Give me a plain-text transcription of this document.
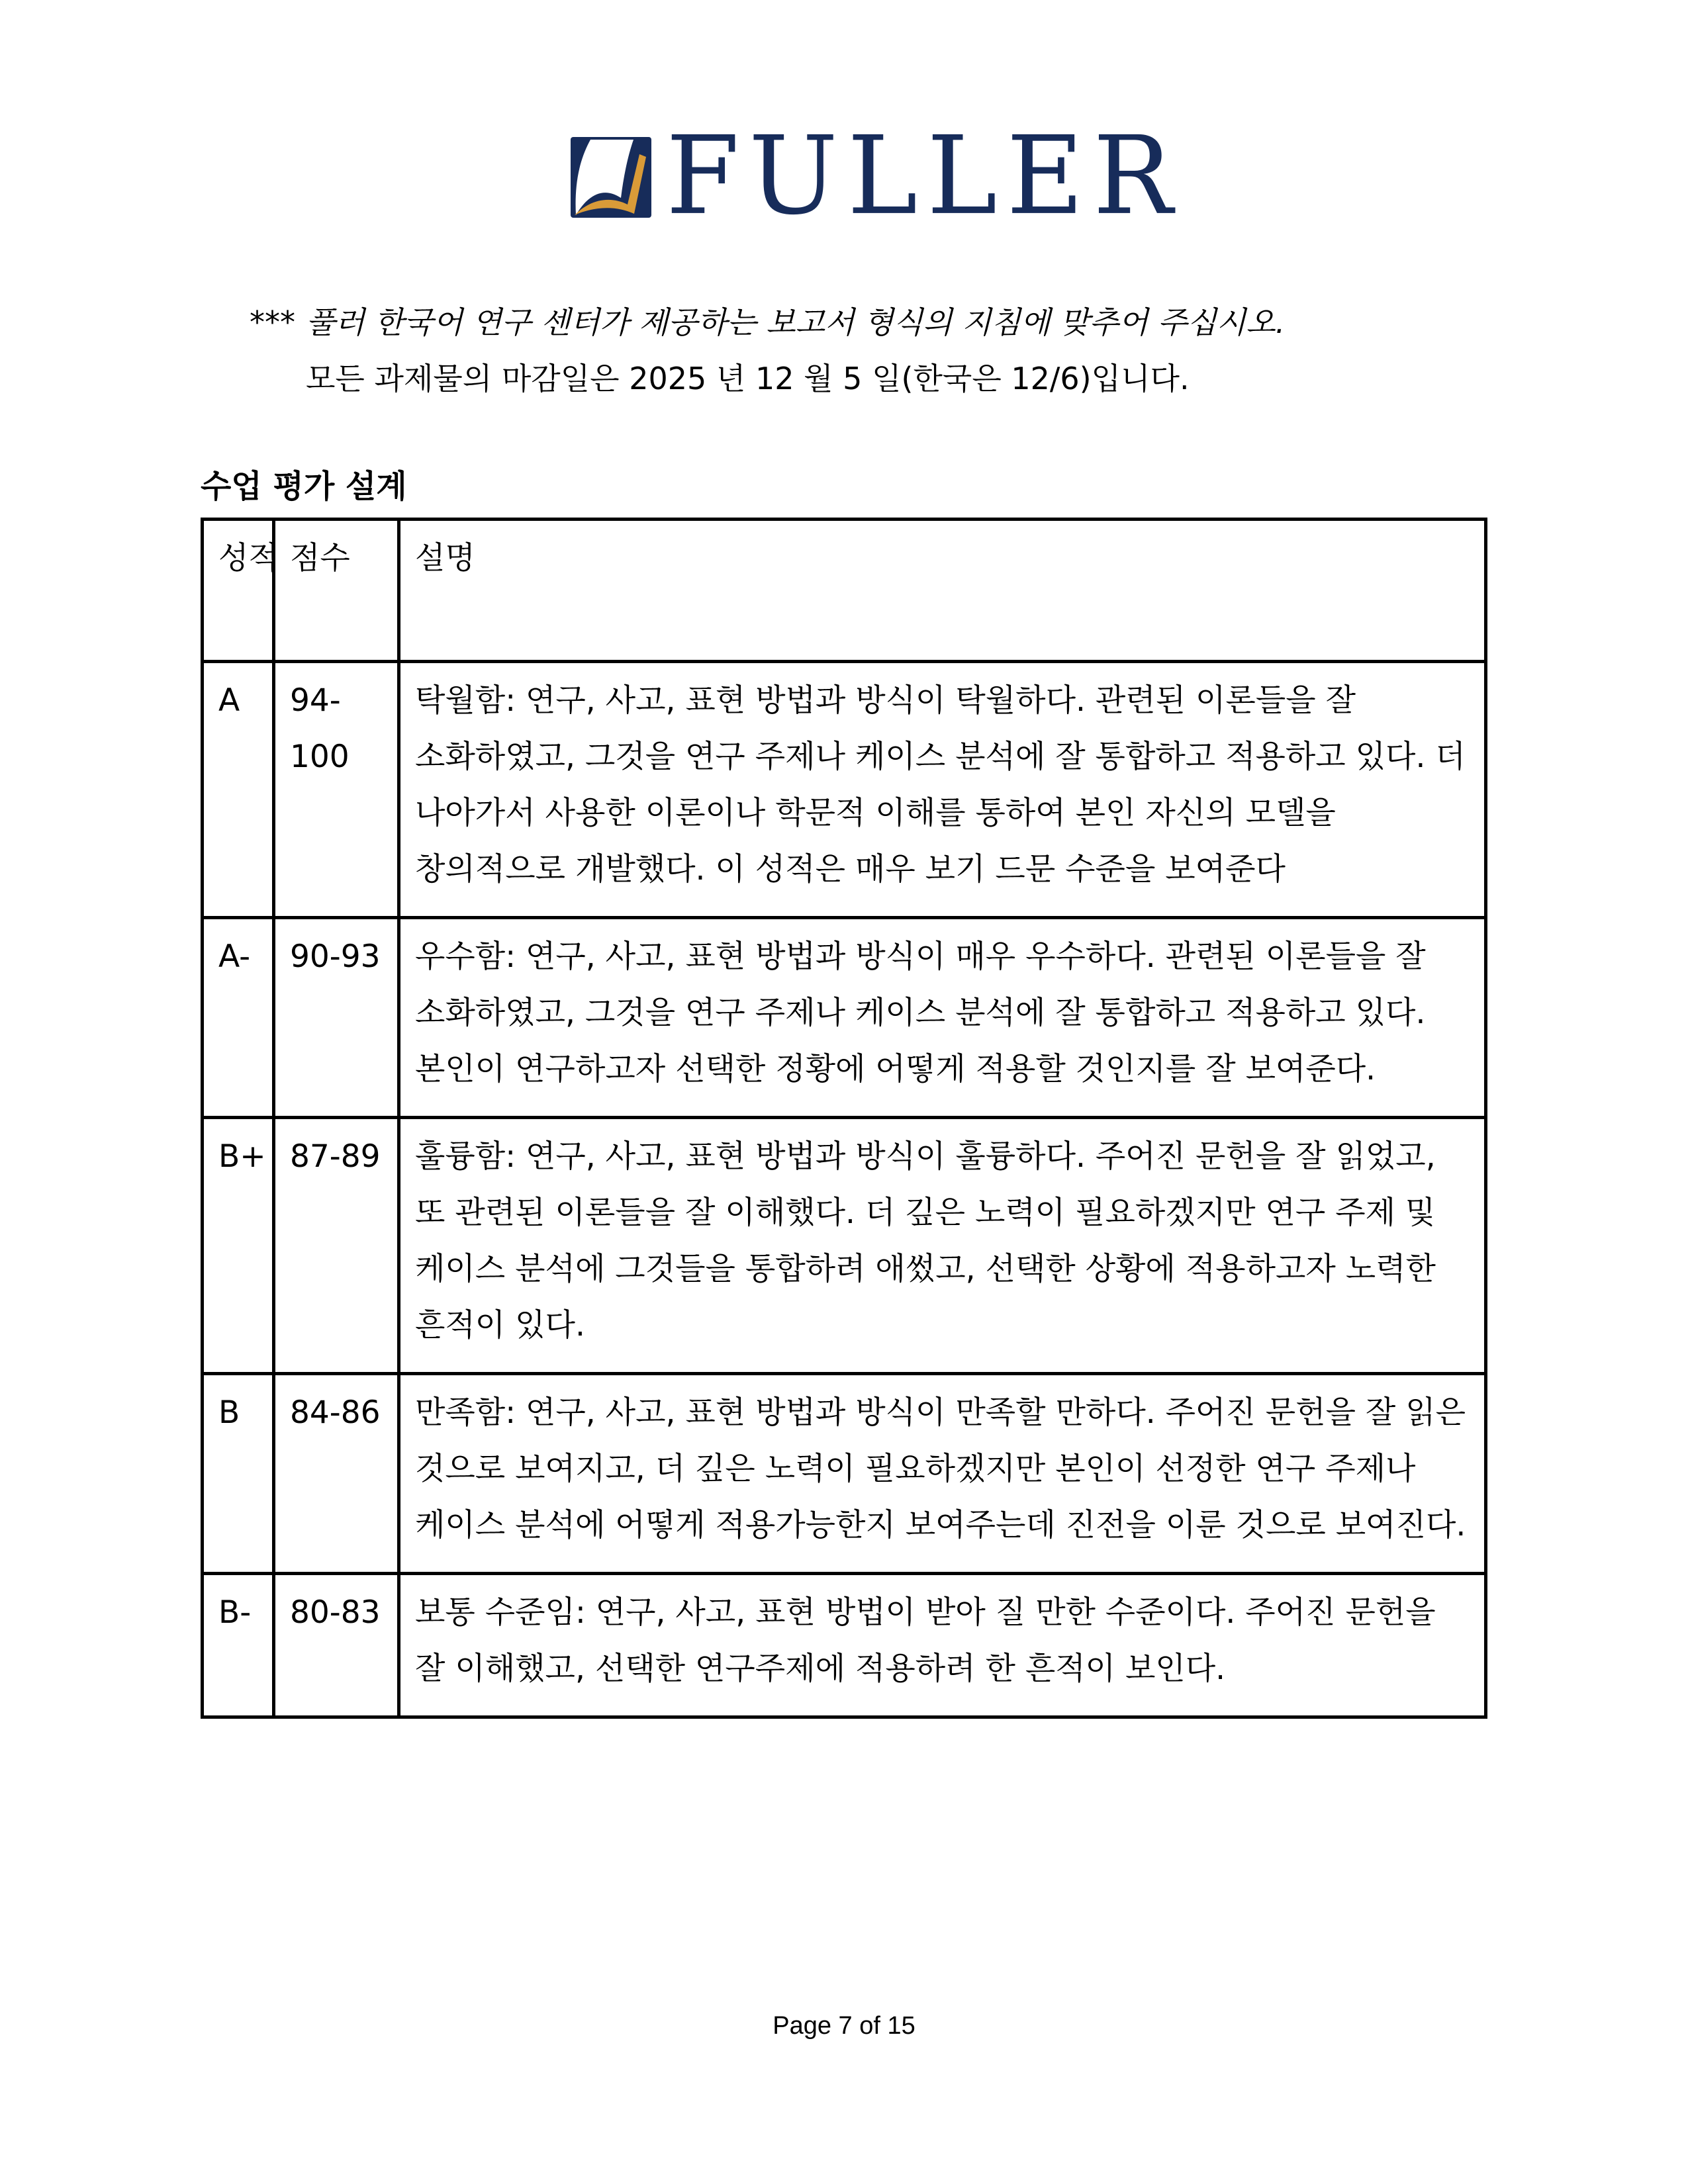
FULLER
*** 풀러 한국어 연구 센터가 제공하는 보고서 형식의 지침에 맞추어 주십시오.
모든 과제물의 마감일은 2025 년 12 월 5 일(한국은 12/6)입니다.
수업 평가 설계
성적	점수	설명
A	94-100	탁월함: 연구, 사고, 표현 방법과 방식이 탁월하다. 관련된 이론들을 잘 소화하였고, 그것을 연구 주제나 케이스 분석에 잘 통합하고 적용하고 있다. 더 나아가서 사용한 이론이나 학문적 이해를 통하여 본인 자신의 모델을 창의적으로 개발했다. 이 성적은 매우 보기 드문 수준을 보여준다
A-	90-93	우수함: 연구, 사고, 표현 방법과 방식이 매우 우수하다. 관련된 이론들을 잘 소화하였고, 그것을 연구 주제나 케이스 분석에 잘 통합하고 적용하고 있다. 본인이 연구하고자 선택한 정황에 어떻게 적용할 것인지를 잘 보여준다.
B+	87-89	훌륭함: 연구, 사고, 표현 방법과 방식이 훌륭하다. 주어진 문헌을 잘 읽었고, 또 관련된 이론들을 잘 이해했다. 더 깊은 노력이 필요하겠지만 연구 주제 및 케이스 분석에 그것들을 통합하려 애썼고, 선택한 상황에 적용하고자 노력한 흔적이 있다.
B	84-86	만족함: 연구, 사고, 표현 방법과 방식이 만족할 만하다. 주어진 문헌을 잘 읽은 것으로 보여지고, 더 깊은 노력이 필요하겠지만 본인이 선정한 연구 주제나 케이스 분석에 어떻게 적용가능한지 보여주는데 진전을 이룬 것으로 보여진다.
B-	80-83	보통 수준임: 연구, 사고, 표현 방법이 받아 질 만한 수준이다. 주어진 문헌을 잘 이해했고, 선택한 연구주제에 적용하려 한 흔적이 보인다.
Page 7 of 15
